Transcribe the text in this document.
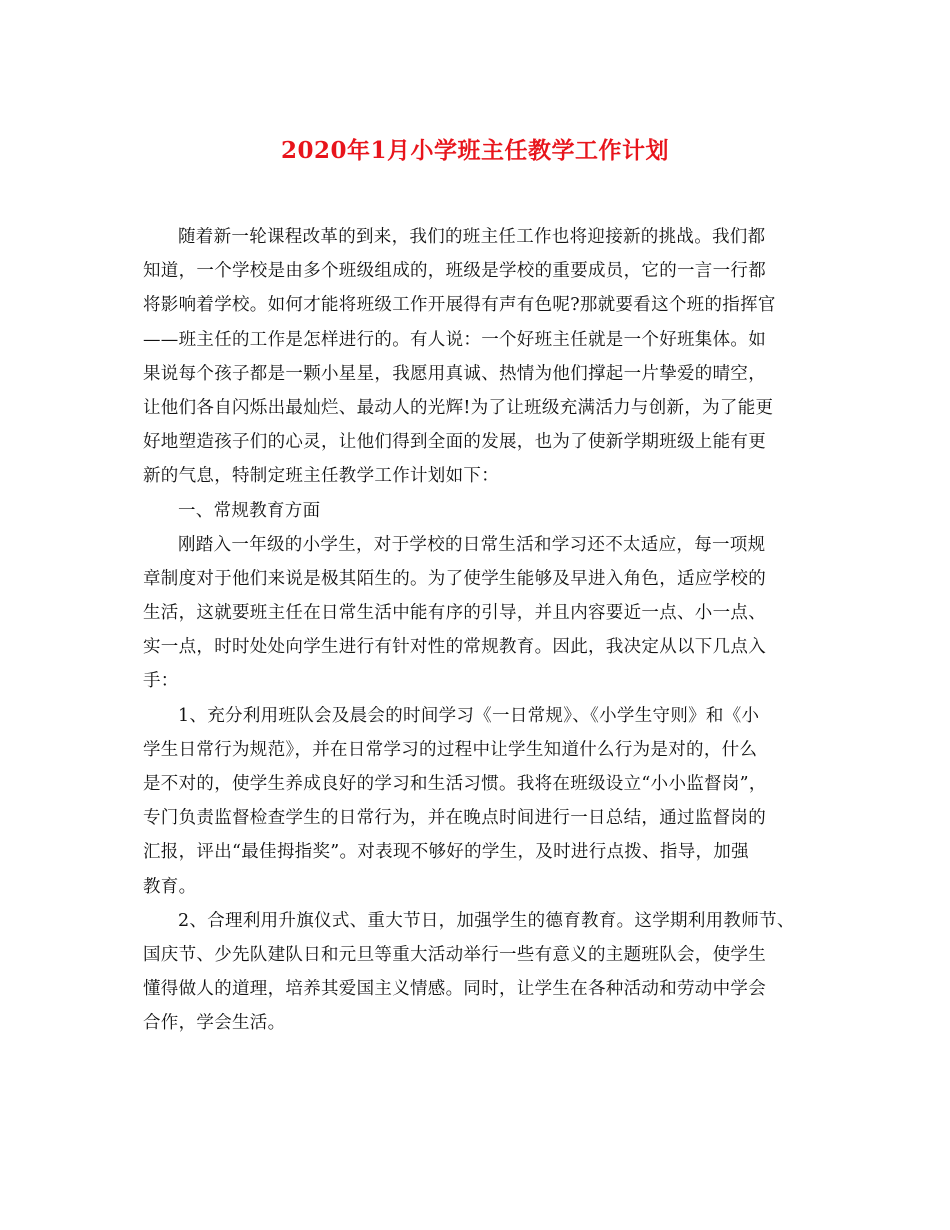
2020年1月小学班主任教学工作计划
随着新一轮课程改革的到来，我们的班主任工作也将迎接新的挑战。我们都
知道，一个学校是由多个班级组成的，班级是学校的重要成员，它的一言一行都
将影响着学校。如何才能将班级工作开展得有声有色呢?那就要看这个班的指挥官
——班主任的工作是怎样进行的。有人说：一个好班主任就是一个好班集体。如
果说每个孩子都是一颗小星星，我愿用真诚、热情为他们撑起一片挚爱的晴空，
让他们各自闪烁出最灿烂、最动人的光辉!为了让班级充满活力与创新，为了能更
好地塑造孩子们的心灵，让他们得到全面的发展，也为了使新学期班级上能有更
新的气息，特制定班主任教学工作计划如下：
一、常规教育方面
刚踏入一年级的小学生，对于学校的日常生活和学习还不太适应，每一项规
章制度对于他们来说是极其陌生的。为了使学生能够及早进入角色，适应学校的
生活，这就要班主任在日常生活中能有序的引导，并且内容要近一点、小一点、
实一点，时时处处向学生进行有针对性的常规教育。因此，我决定从以下几点入
手：
1、充分利用班队会及晨会的时间学习《一日常规》、《小学生守则》和《小
学生日常行为规范》，并在日常学习的过程中让学生知道什么行为是对的，什么
是不对的，使学生养成良好的学习和生活习惯。我将在班级设立“小小监督岗”，
专门负责监督检查学生的日常行为，并在晚点时间进行一日总结，通过监督岗的
汇报，评出“最佳拇指奖”。对表现不够好的学生，及时进行点拨、指导，加强
教育。
2、合理利用升旗仪式、重大节日，加强学生的德育教育。这学期利用教师节、
国庆节、少先队建队日和元旦等重大活动举行一些有意义的主题班队会，使学生
懂得做人的道理，培养其爱国主义情感。同时，让学生在各种活动和劳动中学会
合作，学会生活。
